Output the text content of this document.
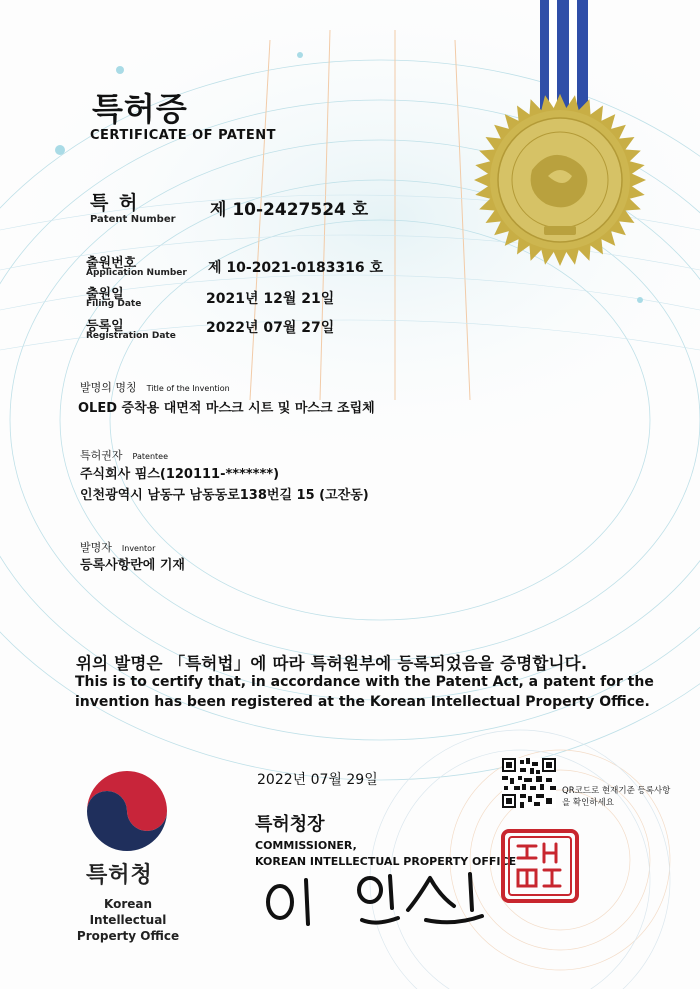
특허증
CERTIFICATE OF PATENT
특 허
Patent Number 제 10-2427524 호
출원번호
Application Number 제 10-2021-0183316 호
출원일
Filing Date	2021년 12월 21일
등록일
Registration Date 2022년 07월 27일
발명의 명칭 Title of the Invention
OLED 증착용 대면적 마스크 시트 및 마스크 조립체
특허권자 Patentee
주식회사 핌스(120111-*******)
인천광역시 남동구 남동동로138번길 15 (고잔동)
발명자 Inventor
등록사항란에 기재
위의 발명은 「특허법」에 따라 특허원부에 등록되었음을 증명합니다.
This is to certify that, in accordance with the Patent Act, a patent for the
invention has been registered at the Korean Intellectual Property Office.
특허청
Korean Intellectual Property Office
2022년 07월 29일
QR코드로 현재기준 등록사항을 확인하세요
특허청장
COMMISSIONER,
KOREAN INTELLECTUAL PROPERTY OFFICE
